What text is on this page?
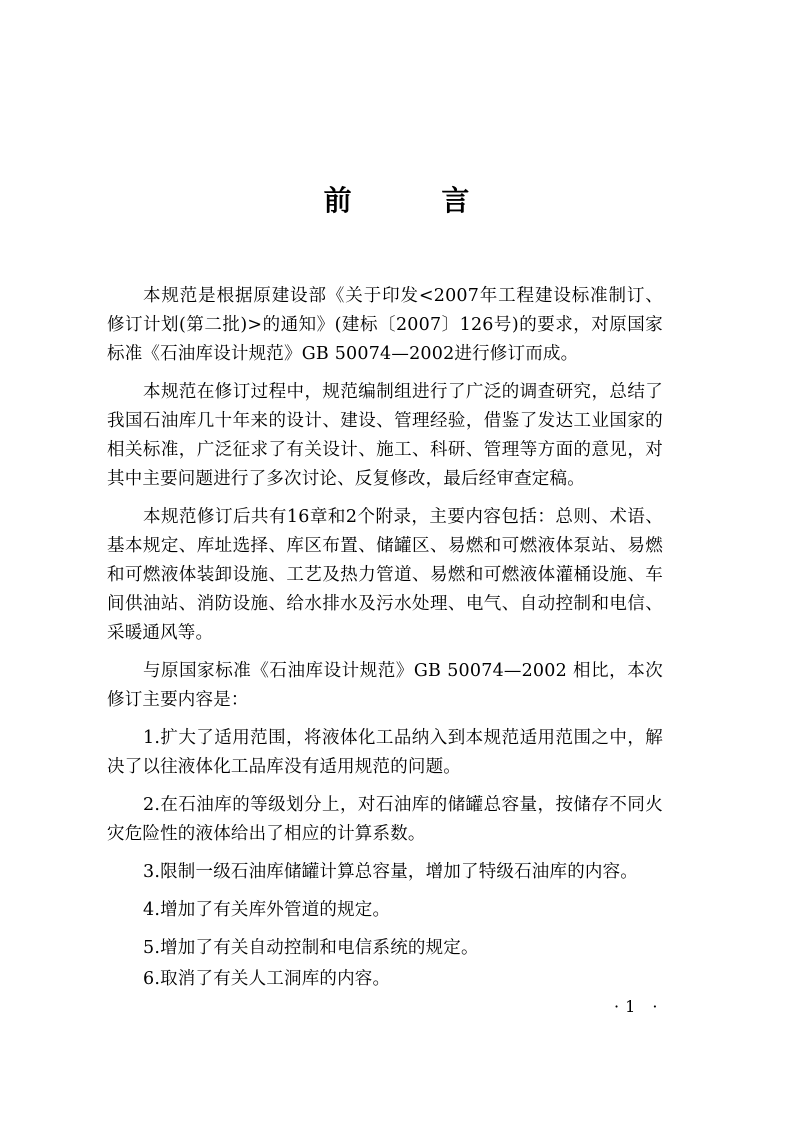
前 言

本规范是根据原建设部《关于印发<2007年工程建设标准制订、修订计划(第二批)>的通知》(建标〔2007〕126号)的要求，对原国家标准《石油库设计规范》GB 50074—2002进行修订而成。

本规范在修订过程中，规范编制组进行了广泛的调查研究，总结了我国石油库几十年来的设计、建设、管理经验，借鉴了发达工业国家的相关标准，广泛征求了有关设计、施工、科研、管理等方面的意见，对其中主要问题进行了多次讨论、反复修改，最后经审查定稿。

本规范修订后共有16章和2个附录，主要内容包括：总则、术语、基本规定、库址选择、库区布置、储罐区、易燃和可燃液体泵站、易燃和可燃液体装卸设施、工艺及热力管道、易燃和可燃液体灌桶设施、车间供油站、消防设施、给水排水及污水处理、电气、自动控制和电信、采暖通风等。

与原国家标准《石油库设计规范》GB 50074—2002 相比，本次修订主要内容是：

1.扩大了适用范围，将液体化工品纳入到本规范适用范围之中，解决了以往液体化工品库没有适用规范的问题。

2.在石油库的等级划分上，对石油库的储罐总容量，按储存不同火灾危险性的液体给出了相应的计算系数。

3.限制一级石油库储罐计算总容量，增加了特级石油库的内容。

4.增加了有关库外管道的规定。

5.增加了有关自动控制和电信系统的规定。

6.取消了有关人工洞库的内容。

·1 ·
